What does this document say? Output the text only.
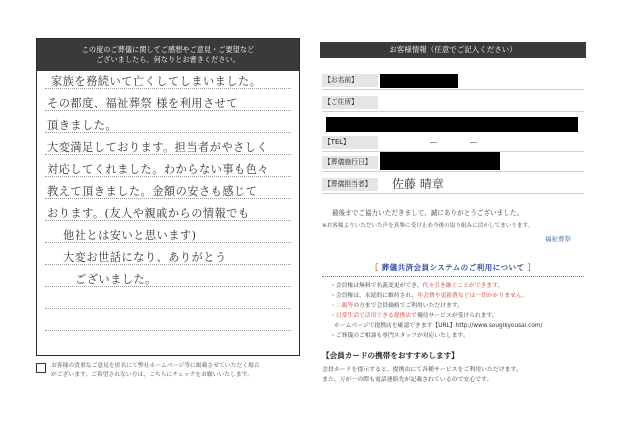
この度のご葬儀に関してご感想やご意見・ご要望など
ございましたら、何なりとお書きください。
家族を務続いて亡くしてしまいました。
その都度、福祉葬祭 様を利用させて
頂きました。
大変満足しております。担当者がやさしく
対応してくれました。わからない事も色々
教えて頂きました。金額の安さも感じて
おります。(友人や親戚からの情報でも
他社とは安いと思います)
大変お世話になり、ありがとう
ございました。
お客様の貴重なご意見を匿名にて弊社ホームページ等に掲載させていただく場合
がございます。ご希望されない方は、こちらにチェックをお願いいたします。
お客様情報（任意でご記入ください）
【お名前】
【ご住所】
【TEL】	―	―
【葬儀施行日】
【葬儀担当者】	佐藤 晴章
最後までご協力いただきまして、誠にありがとうございました。
※お客様よりいただいた声を真摯に受け止め今後の取り組みに活かしてまいります。
福祉葬祭
［ 葬儀共済会員システムのご利用について ］
・会員権は無料で名義変更ができ、代々引き継ぐことができます。
・会員権は、永続的に維持され、年会費や更新費などは一切かかりません。
・二親等の方まで会員価格でご利用いただけます。
・日常生活で活用できる提携店で優待サービスが受けられます。
ホームページで提携店を確認できます【URL】http://www.sougikyousai.com/
・ご葬儀のご相談も専門スタッフが対応いたします。
【会員カードの携帯をおすすめします】
会員カードを提示すると、提携店にて各種サービスをご利用いただけます。
また、万が一の際も電話連絡先が記載されているので安心です。
